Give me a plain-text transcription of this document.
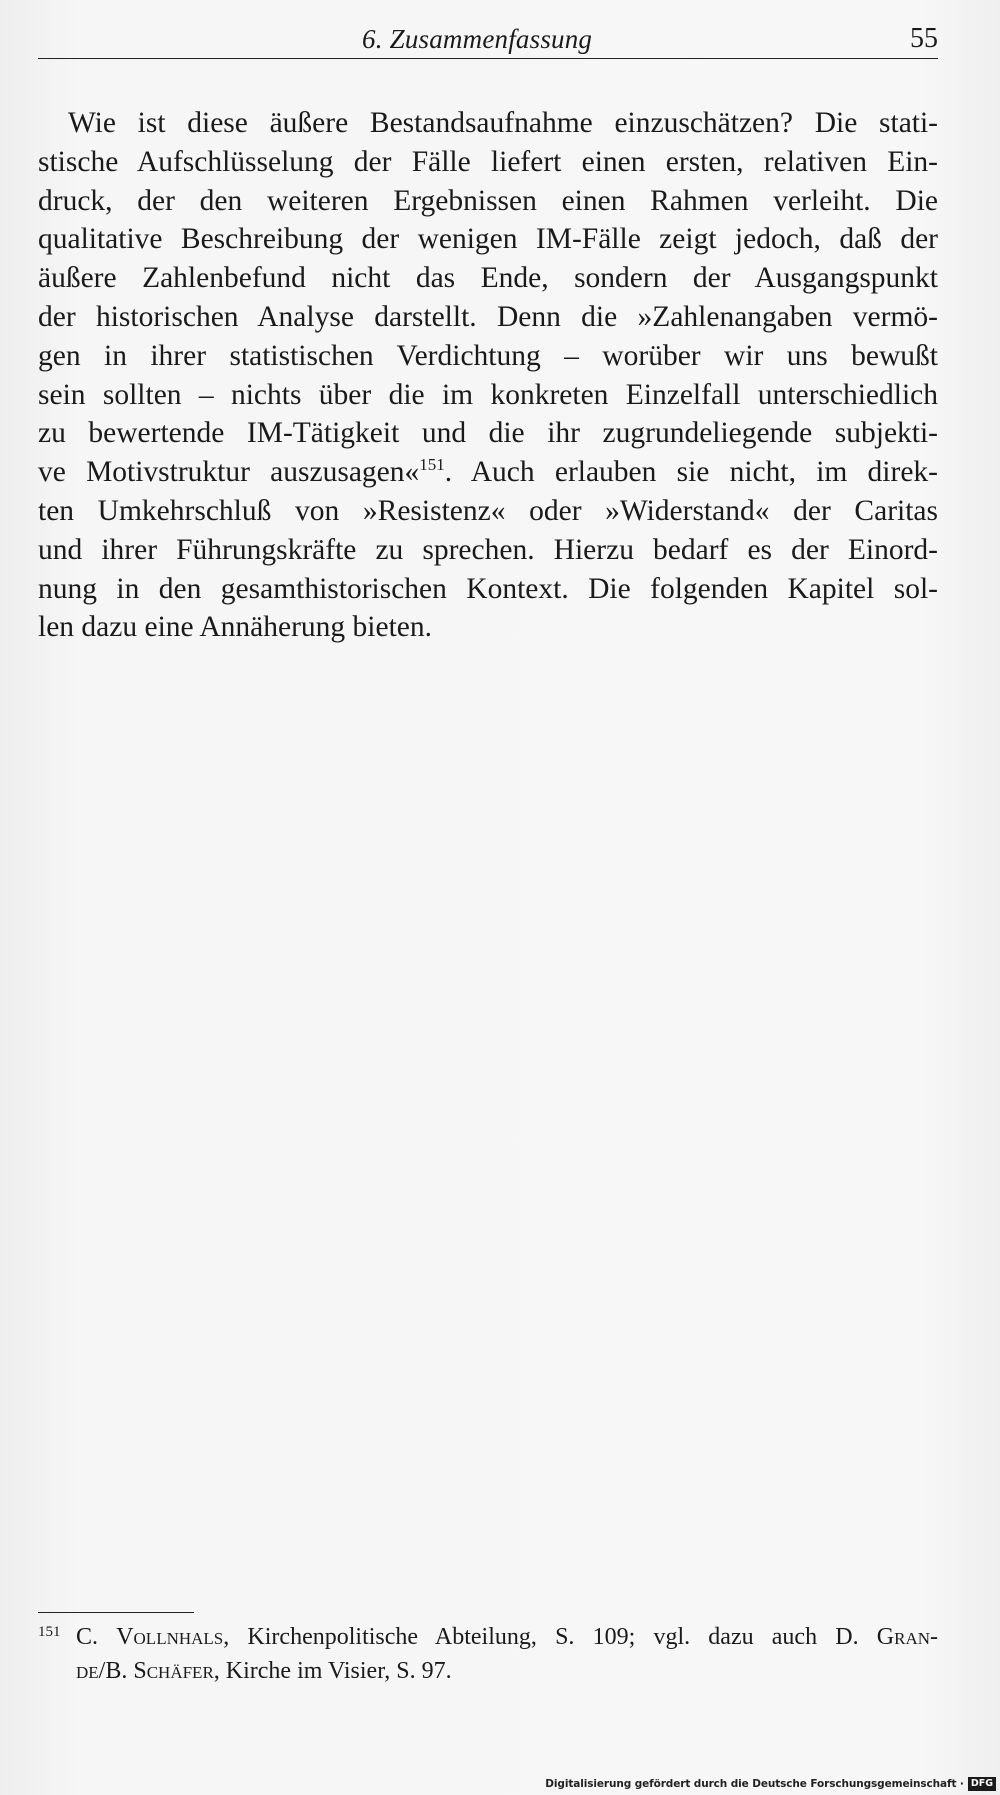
6. Zusammenfassung	55
Wie ist diese äußere Bestandsaufnahme einzuschätzen? Die stati-
stische Aufschlüsselung der Fälle liefert einen ersten, relativen Ein-
druck, der den weiteren Ergebnissen einen Rahmen verleiht. Die
qualitative Beschreibung der wenigen IM-Fälle zeigt jedoch, daß der
äußere Zahlenbefund nicht das Ende, sondern der Ausgangspunkt
der historischen Analyse darstellt. Denn die »Zahlenangaben vermö-
gen in ihrer statistischen Verdichtung – worüber wir uns bewußt
sein sollten – nichts über die im konkreten Einzelfall unterschiedlich
zu bewertende IM-Tätigkeit und die ihr zugrundeliegende subjekti-
ve Motivstruktur auszusagen«$^{151}$. Auch erlauben sie nicht, im direk-
ten Umkehrschluß von »Resistenz« oder »Widerstand« der Caritas
und ihrer Führungskräfte zu sprechen. Hierzu bedarf es der Einord-
nung in den gesamthistorischen Kontext. Die folgenden Kapitel sol-
len dazu eine Annäherung bieten.
151 C. Vollnhals, Kirchenpolitische Abteilung, S. 109; vgl. dazu auch D. Gran-
de/B. Schäfer, Kirche im Visier, S. 97.
Digitalisierung gefördert durch die Deutsche Forschungsgemeinschaft · DFG
